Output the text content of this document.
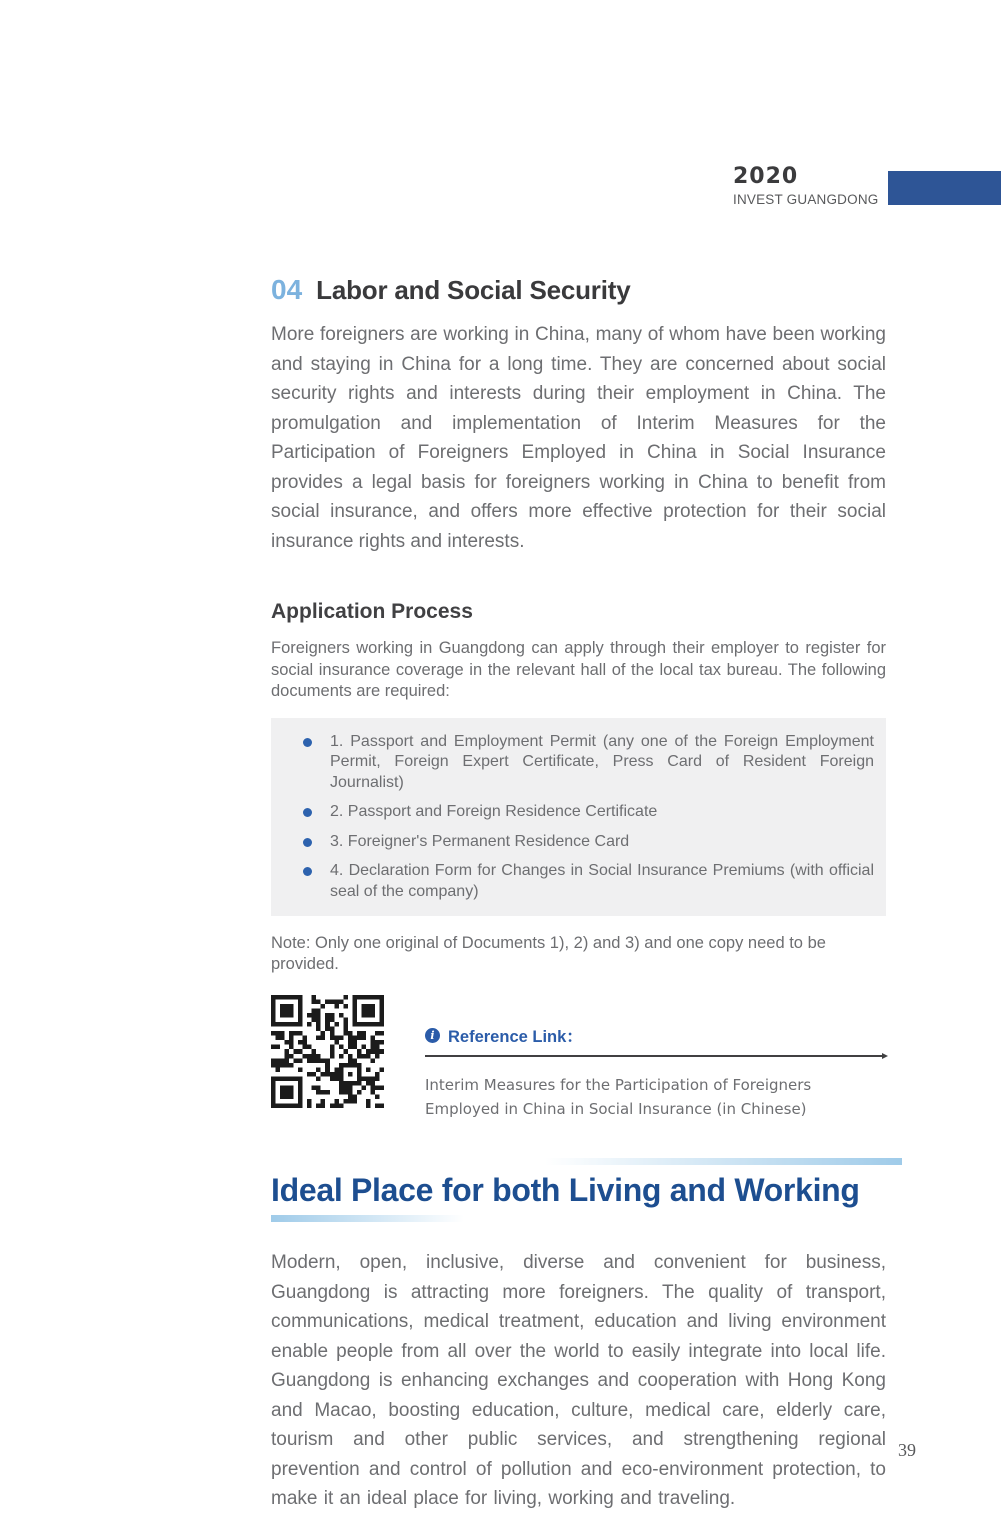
2020
INVEST GUANGDONG
04 Labor and Social Security

More foreigners are working in China, many of whom have been working and staying in China for a long time. They are concerned about social security rights and interests during their employment in China. The promulgation and implementation of Interim Measures for the Participation of Foreigners Employed in China in Social Insurance provides a legal basis for foreigners working in China to benefit from social insurance, and offers more effective protection for their social insurance rights and interests.

Application Process

Foreigners working in Guangdong can apply through their employer to register for social insurance coverage in the relevant hall of the local tax bureau. The following documents are required:

1. Passport and Employment Permit (any one of the Foreign Employment Permit, Foreign Expert Certificate, Press Card of Resident Foreign Journalist)
2. Passport and Foreign Residence Certificate
3. Foreigner's Permanent Residence Card
4. Declaration Form for Changes in Social Insurance Premiums (with official seal of the company)

Note: Only one original of Documents 1), 2) and 3) and one copy need to be provided.

i Reference Link：

Interim Measures for the Participation of Foreigners Employed in China in Social Insurance (in Chinese)

Ideal Place for both Living and Working

Modern, open, inclusive, diverse and convenient for business, Guangdong is attracting more foreigners. The quality of transport, communications, medical treatment, education and living environment enable people from all over the world to easily integrate into local life. Guangdong is enhancing exchanges and cooperation with Hong Kong and Macao, boosting education, culture, medical care, elderly care, tourism and other public services, and strengthening regional prevention and control of pollution and eco-environment protection, to make it an ideal place for living, working and traveling.

39
